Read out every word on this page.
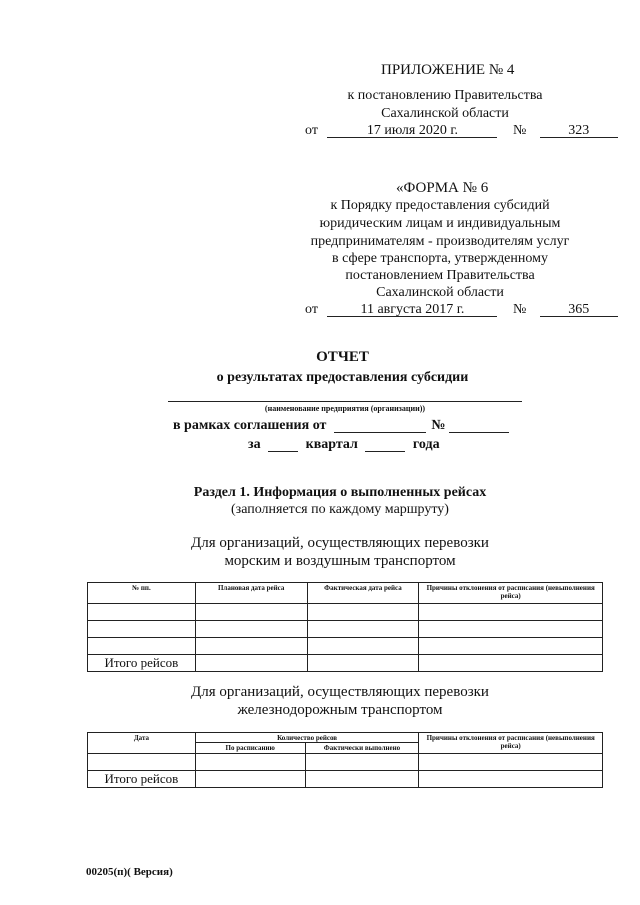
ПРИЛОЖЕНИЕ № 4
к постановлению Правительства
Сахалинской области
от	17 июля 2020 г.	№	323
«ФОРМА № 6
к Порядку предоставления субсидий
юридическим лицам и индивидуальным
предпринимателям - производителям услуг
в сфере транспорта, утвержденному
постановлением Правительства
Сахалинской области
от	11 августа 2017 г.	№	365
ОТЧЕТ
о результатах предоставления субсидии
(наименование предприятия (организации))
в рамках соглашения от	№
за	квартал	года
Раздел 1. Информация о выполненных рейсах
(заполняется по каждому маршруту)
Для организаций, осуществляющих перевозки
морским и воздушным транспортом
№ пп.	Плановая дата рейса	Фактическая дата рейса	Причины отклонения от расписания (невыполнения рейса)

Итого рейсов			
Для организаций, осуществляющих перевозки
железнодорожным транспортом
Дата	Количество рейсов		Причины отклонения от расписания (невыполнения рейса)
	По расписанию	Фактически выполнено	

Итого рейсов			
00205(п)( Версия)
